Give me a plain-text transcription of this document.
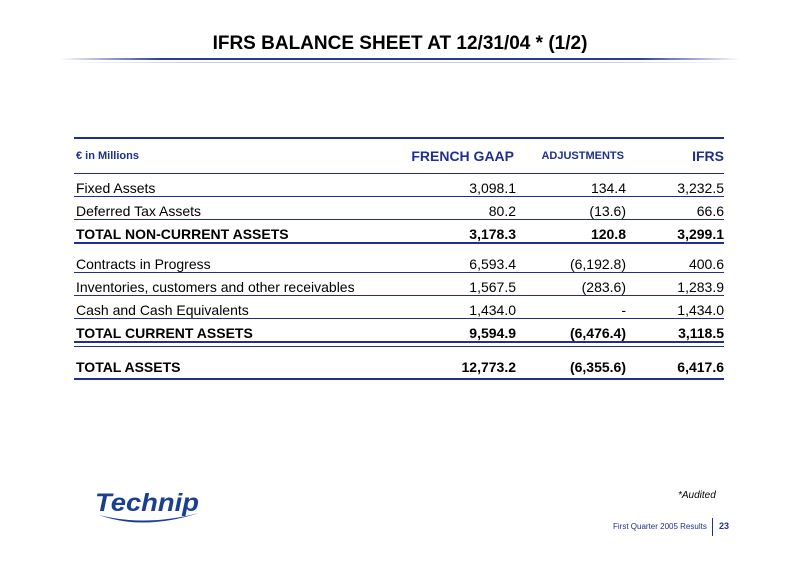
IFRS BALANCE SHEET AT 12/31/04 * (1/2)
€ in Millions	FRENCH GAAP	ADJUSTMENTS	IFRS
Fixed Assets	3,098.1	134.4	3,232.5
Deferred Tax Assets	80.2	(13.6)	66.6
TOTAL NON-CURRENT ASSETS	3,178.3	120.8	3,299.1
Contracts in Progress	6,593.4	(6,192.8)	400.6
Inventories, customers and other receivables	1,567.5	(283.6)	1,283.9
Cash and Cash Equivalents	1,434.0	-	1,434.0
TOTAL CURRENT ASSETS	9,594.9	(6,476.4)	3,118.5
TOTAL ASSETS	12,773.2	(6,355.6)	6,417.6
*Audited
Technip
First Quarter 2005 Results 23
